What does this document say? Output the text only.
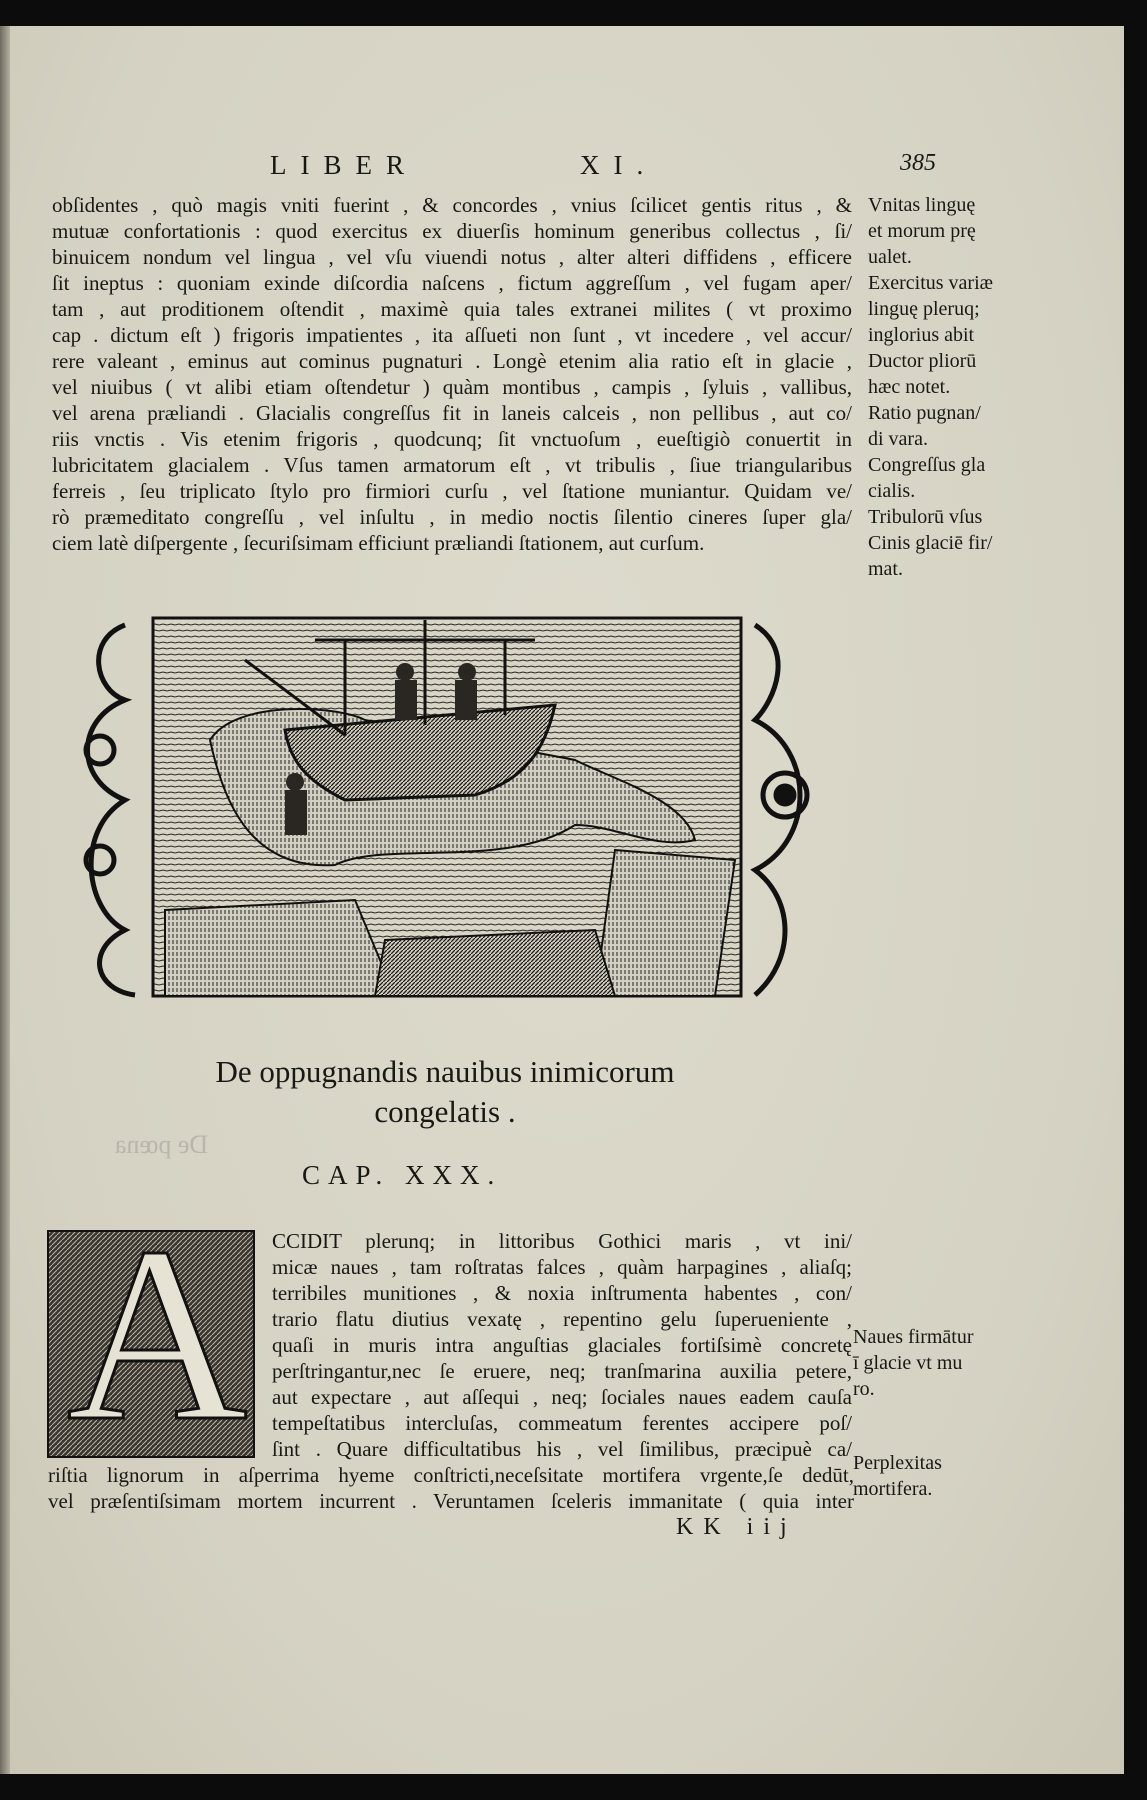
LIBER	XI.	385
obſidentes , quò magis vniti fuerint , & concordes , vnius ſcilicet gentis ritus , &
mutuæ confortationis : quod exercitus ex diuerſis hominum generibus collectus , ſi/
binuicem nondum vel lingua , vel vſu viuendi notus , alter alteri diffidens , efficere
ſit ineptus : quoniam exinde diſcordia naſcens , fictum aggreſſum , vel fugam aper/
tam , aut proditionem oſtendit , maximè quia tales extranei milites ( vt proximo
cap . dictum eſt ) frigoris impatientes , ita aſſueti non ſunt , vt incedere , vel accur/
rere valeant , eminus aut cominus pugnaturi . Longè etenim alia ratio eſt in glacie ,
vel niuibus ( vt alibi etiam oſtendetur ) quàm montibus , campis , ſyluis , vallibus,
vel arena præliandi . Glacialis congreſſus fit in laneis calceis , non pellibus , aut co/
riis vnctis . Vis etenim frigoris , quodcunq; ſit vnctuoſum , eueſtigiò conuertit in
lubricitatem glacialem . Vſus tamen armatorum eſt , vt tribulis , ſiue triangularibus
ferreis , ſeu triplicato ſtylo pro firmiori curſu , vel ſtatione muniantur. Quidam ve/
rò præmeditato congreſſu , vel inſultu , in medio noctis ſilentio cineres ſuper gla/
ciem latè diſpergente , ſecuriſsimam efficiunt præliandi ſtationem, aut curſum.
Vnitas linguę
et morum prę
ualet.
Exercitus variæ
linguę pleruq;
inglorius abit
Ductor pliorū
hæc notet.
Ratio pugnan/
di vara.
Congreſſus gla
cialis.
Tribulorū vſus
Cinis glaciē fir/
mat.
De oppugnandis nauibus inimicorum
congelatis .
De pœna
CAP. XXX.
A CCIDIT plerunq; in littoribus Gothici maris , vt ini/
micæ naues , tam roſtratas falces , quàm harpagines , aliaſq;
terribiles munitiones , & noxia inſtrumenta habentes , con/
trario flatu diutius vexatę , repentino gelu ſuperueniente ,
quaſi in muris intra anguſtias glaciales fortiſsimè concretę
perſtringantur,nec ſe eruere, neq; tranſmarina auxilia petere,
aut expectare , aut aſſequi , neq; ſociales naues eadem cauſa
tempeſtatibus intercluſas, commeatum ferentes accipere poſ/
ſint . Quare difficultatibus his , vel ſimilibus, præcipuè ca/
riſtia lignorum in aſperrima hyeme conſtricti,neceſsitate mortifera vrgente,ſe dedūt,
vel præſentiſsimam mortem incurrent . Veruntamen ſceleris immanitate ( quia inter
Naues firmātur
ī glacie vt mu
ro.
Perplexitas
mortifera.
KK iij
